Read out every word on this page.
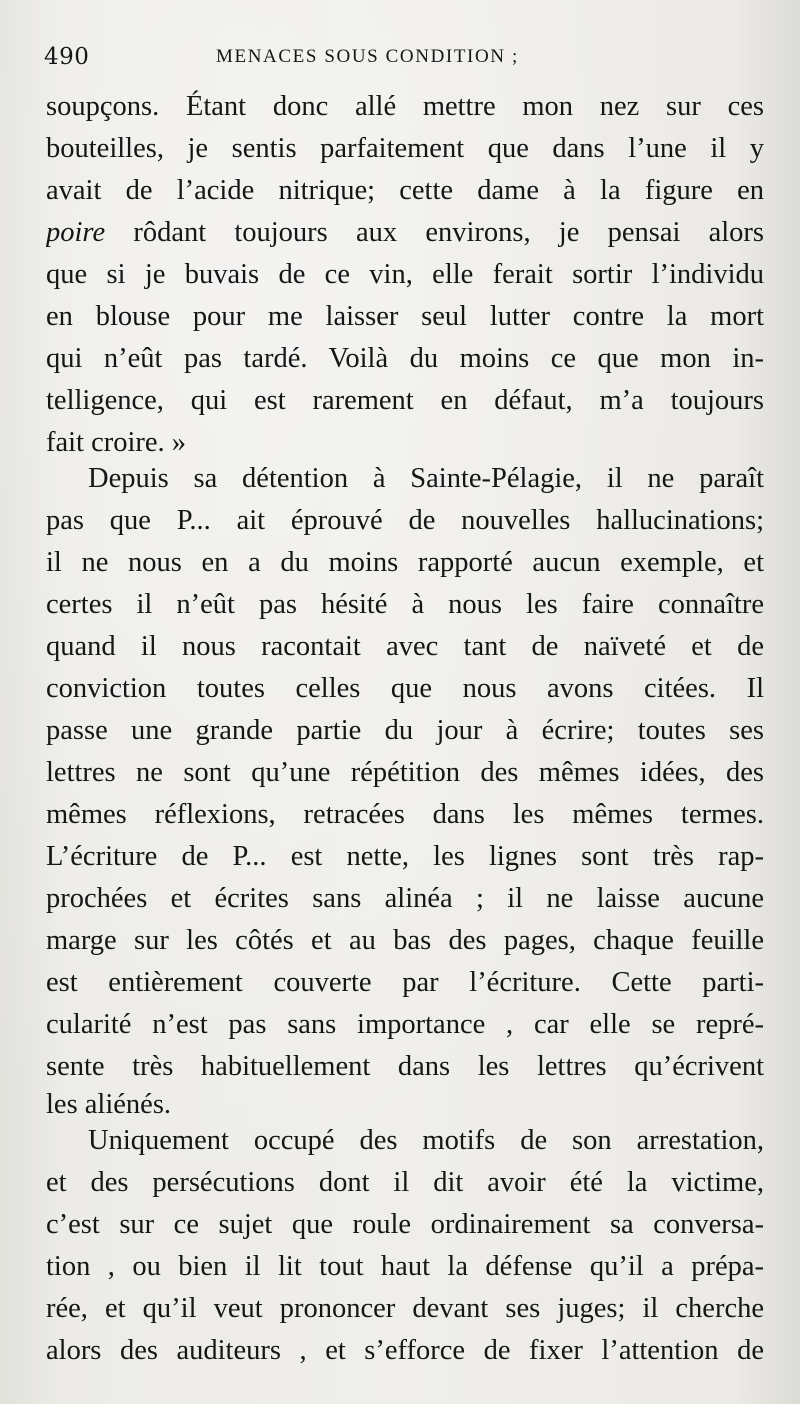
490	MENACES SOUS CONDITION ;
soupçons. Étant donc allé mettre mon nez sur ces
bouteilles, je sentis parfaitement que dans l’une il y
avait de l’acide nitrique; cette dame à la figure en
poire rôdant toujours aux environs, je pensai alors
que si je buvais de ce vin, elle ferait sortir l’individu
en blouse pour me laisser seul lutter contre la mort
qui n’eût pas tardé. Voilà du moins ce que mon in-
telligence, qui est rarement en défaut, m’a toujours
fait croire. »
Depuis sa détention à Sainte-Pélagie, il ne paraît
pas que P... ait éprouvé de nouvelles hallucinations;
il ne nous en a du moins rapporté aucun exemple, et
certes il n’eût pas hésité à nous les faire connaître
quand il nous racontait avec tant de naïveté et de
conviction toutes celles que nous avons citées. Il
passe une grande partie du jour à écrire; toutes ses
lettres ne sont qu’une répétition des mêmes idées, des
mêmes réflexions, retracées dans les mêmes termes.
L’écriture de P... est nette, les lignes sont très rap-
prochées et écrites sans alinéa ; il ne laisse aucune
marge sur les côtés et au bas des pages, chaque feuille
est entièrement couverte par l’écriture. Cette parti-
cularité n’est pas sans importance , car elle se repré-
sente très habituellement dans les lettres qu’écrivent
les aliénés.
Uniquement occupé des motifs de son arrestation,
et des persécutions dont il dit avoir été la victime,
c’est sur ce sujet que roule ordinairement sa conversa-
tion , ou bien il lit tout haut la défense qu’il a prépa-
rée, et qu’il veut prononcer devant ses juges; il cherche
alors des auditeurs , et s’efforce de fixer l’attention de
